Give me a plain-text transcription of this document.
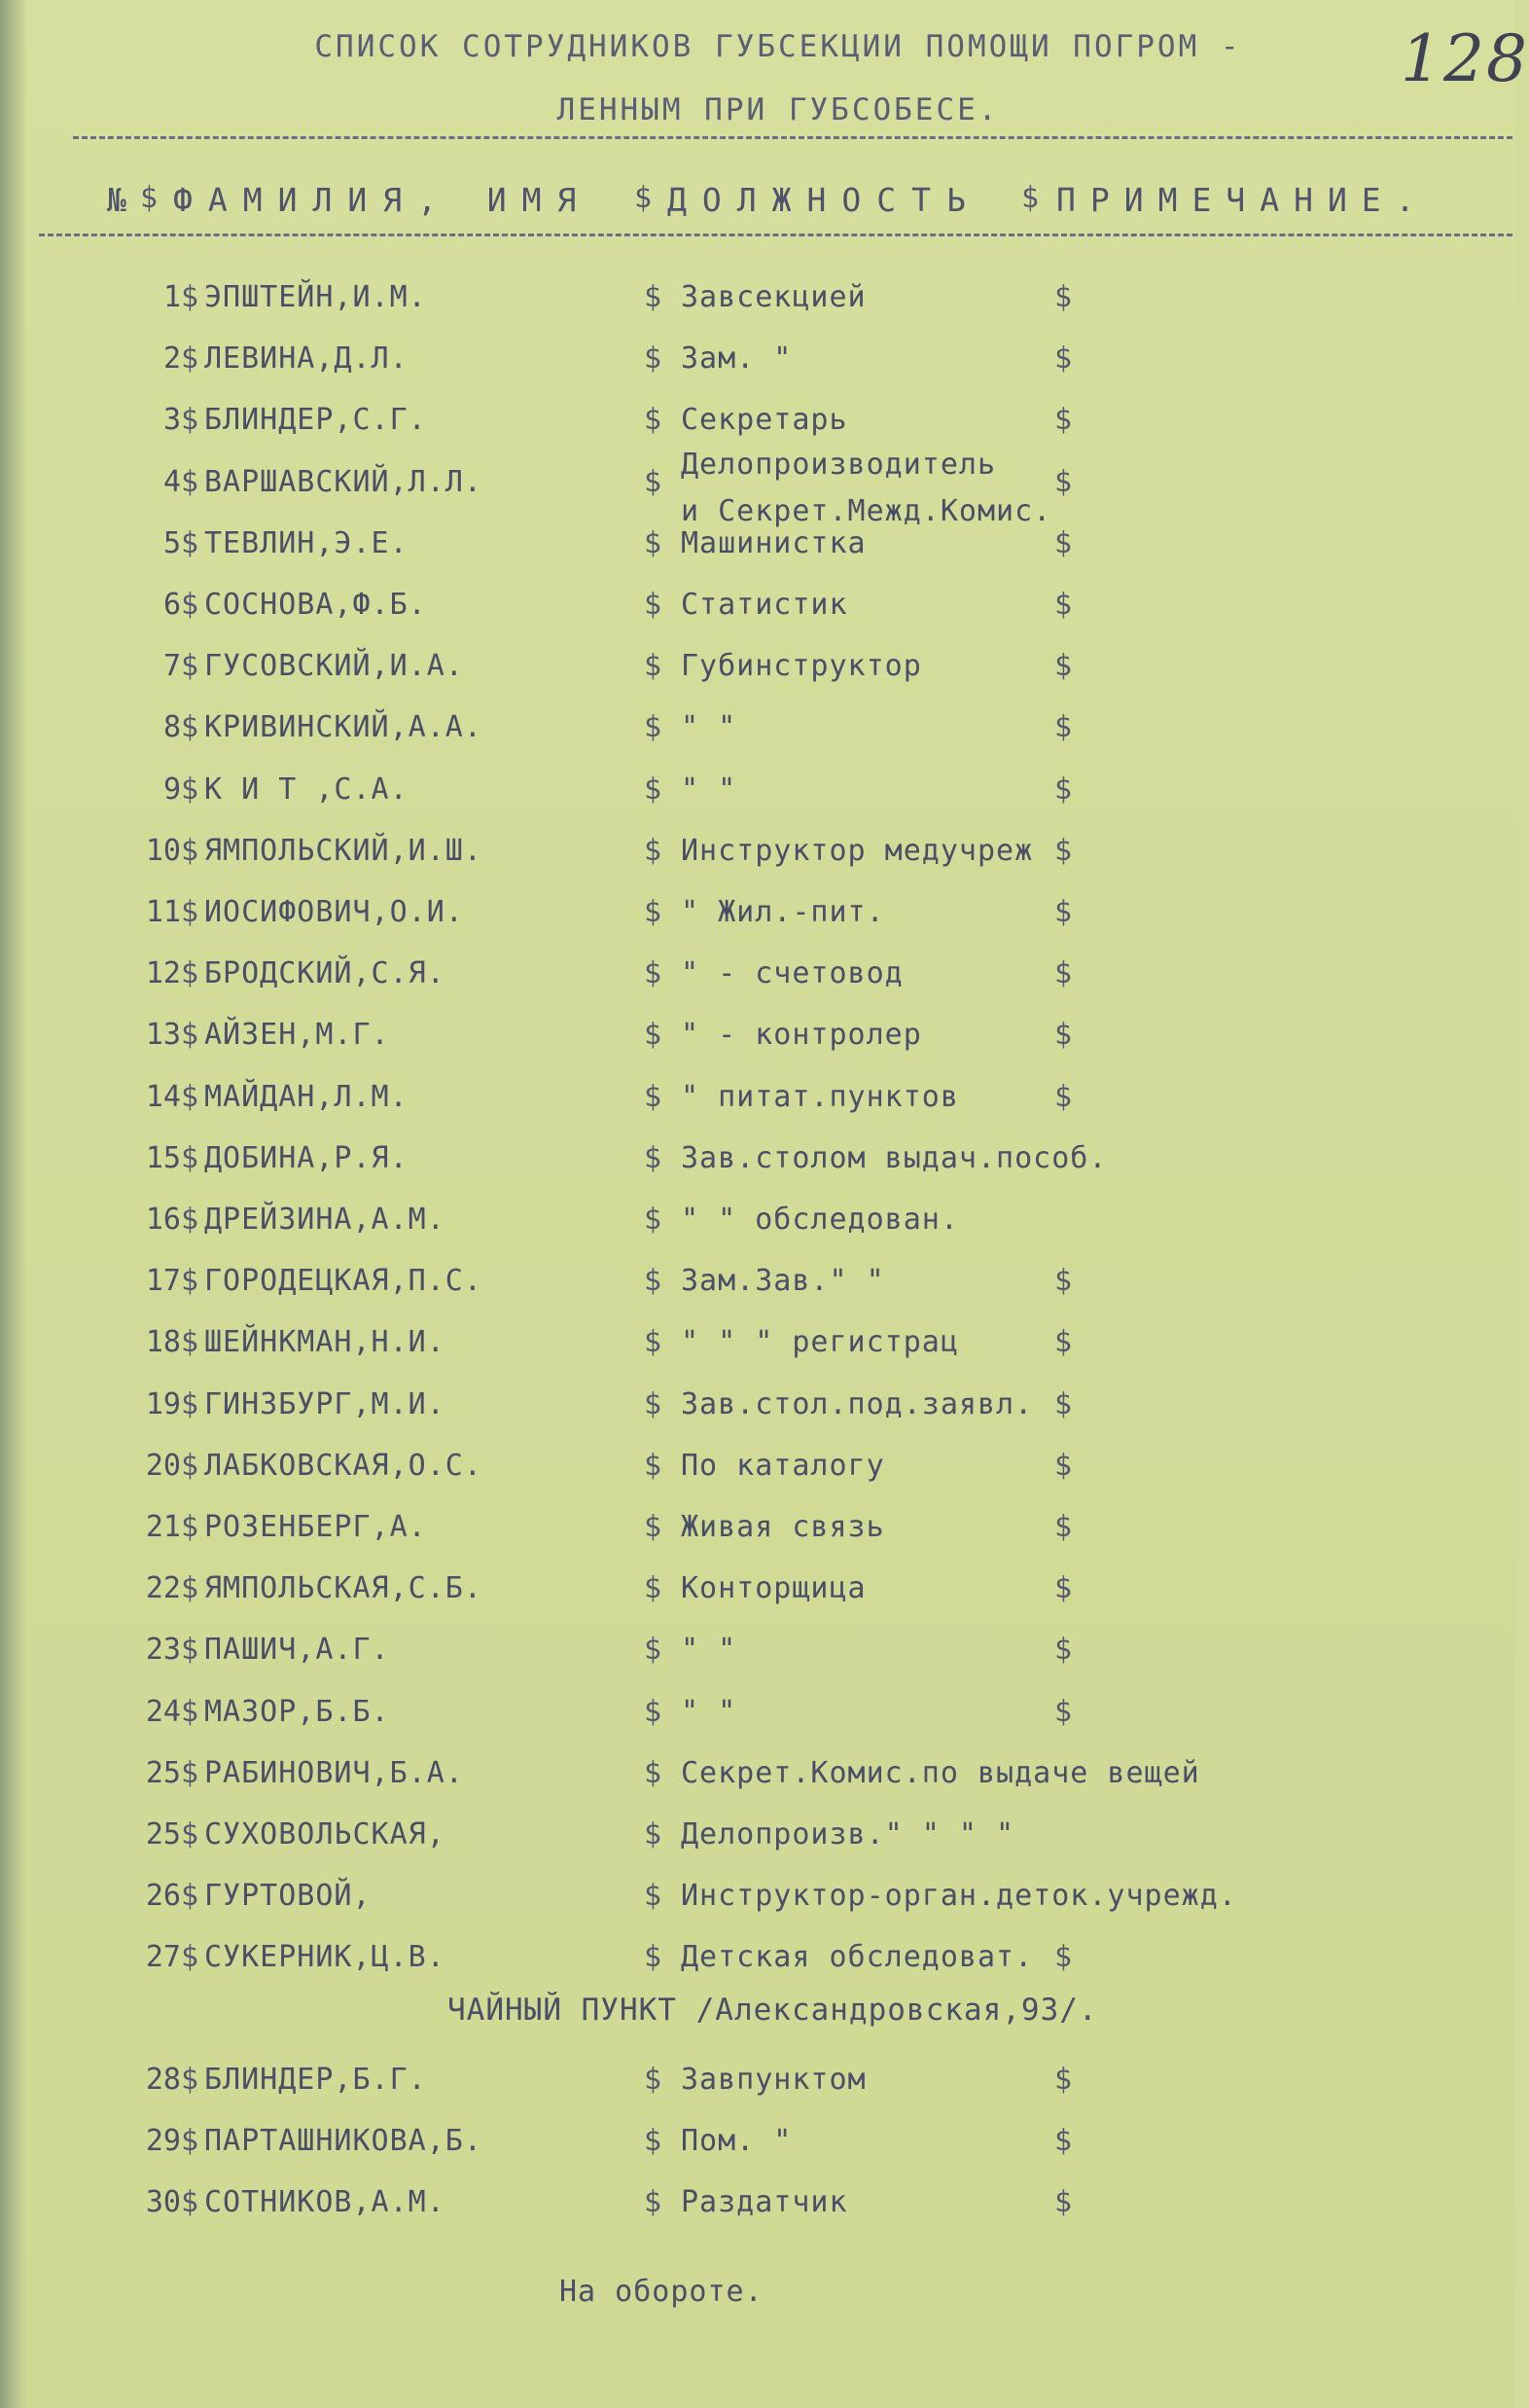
128
СПИСОК СОТРУДНИКОВ ГУБСЕКЦИИ ПОМОЩИ ПОГРОМ -
ЛЕННЫМ ПРИ ГУБСОБЕСЕ.
№ $ ФАМИЛИЯ, ИМЯ $ ДОЛЖНОСТЬ $ ПРИМЕЧАНИЕ.
1 $ ЭПШТЕЙН,И.М.	$ Завсекцией	$
2 $ ЛЕВИНА,Д.Л.	$ Зам. "	$
3 $ БЛИНДЕР,С.Г.	$ Секретарь	$
4 $ ВАРШАВСКИЙ,Л.Л.	$
Делопроизводитель
и Секрет.Межд.Комис.
$
5 $ ТЕВЛИН,Э.Е.	$ Машинистка	$
6 $ СОСНОВА,Ф.Б.	$ Статистик	$
7 $ ГУСОВСКИЙ,И.А.	$ Губинструктор	$
8 $ КРИВИНСКИЙ,А.А.	$ " "	$
9 $ К И Т ,С.А.	$ " "	$
10 $ ЯМПОЛЬСКИЙ,И.Ш.	$ Инструктор медучреж $
11 $ ИОСИФОВИЧ,О.И.	$ " Жил.-пит.	$
12 $ БРОДСКИЙ,С.Я.	$ " - счетовод	$
13 $ АЙЗЕН,М.Г.	$ " - контролер	$
14 $ МАЙДАН,Л.М.	$ " питат.пунктов	$
15 $ ДОБИНА,Р.Я.	$ Зав.столом выдач.пособ.
16 $ ДРЕЙЗИНА,А.М.	$ " " обследован.
17 $ ГОРОДЕЦКАЯ,П.С.	$ Зам.Зав." "	$
18 $ ШЕЙНКМАН,Н.И.	$ " " " регистрац	$
19 $ ГИНЗБУРГ,М.И.	$ Зав.стол.под.заявл. $
20 $ ЛАБКОВСКАЯ,О.С.	$ По каталогу	$
21 $ РОЗЕНБЕРГ,А.	$ Живая связь	$
22 $ ЯМПОЛЬСКАЯ,С.Б.	$ Конторщица	$
23 $ ПАШИЧ,А.Г.	$ " "	$
24 $ МАЗОР,Б.Б.	$ " "	$
25 $ РАБИНОВИЧ,Б.А.	$ Секрет.Комис.по выдаче вещей
25 $ СУХОВОЛЬСКАЯ,	$ Делопроизв." " " "
26 $ ГУРТОВОЙ,	$ Инструктор-орган.деток.учрежд.
27 $ СУКЕРНИК,Ц.В.	$ Детская обследоват. $
ЧАЙНЫЙ ПУНКТ /Александровская,93/.
28 $ БЛИНДЕР,Б.Г.	$ Завпунктом	$
29 $ ПАРТАШНИКОВА,Б.	$ Пом. "	$
30 $ СОТНИКОВ,А.М.	$ Раздатчик	$
На обороте.
